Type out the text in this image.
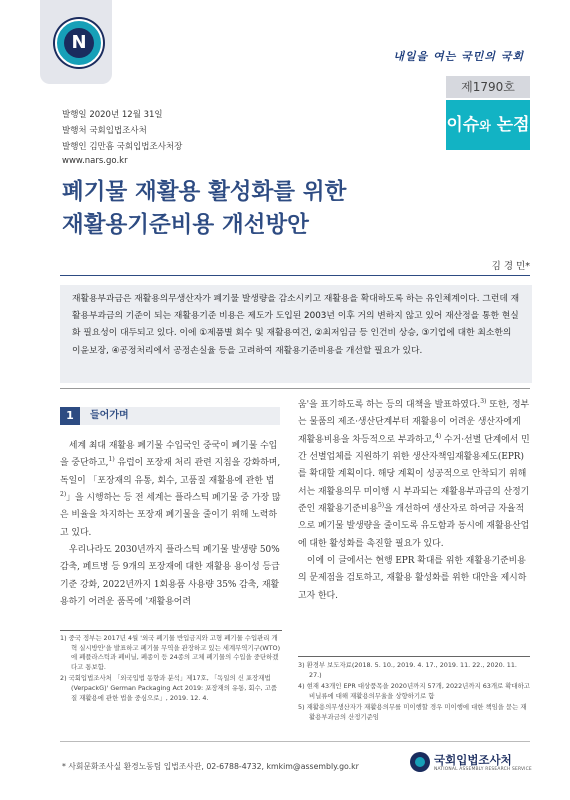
N
내일을 여는 국민의 국회
발행일 2020년 12월 31일
발행처 국회입법조사처
발행인 김만흠 국회입법조사처장
www.nars.go.kr
제1790호
이슈와 논점
폐기물 재활용 활성화를 위한
재활용기준비용 개선방안
김 경 민*

재활용부과금은 재활용의무생산자가 폐기물 발생량을 감소시키고 재활용을 확대하도록 하는 유인체계이다. 그런데 재활용부과금의 기준이 되는 재활용기준 비용은 제도가 도입된 2003년 이후 거의 변하지 않고 있어 재산정을 통한 현실화 필요성이 대두되고 있다. 이에 ①제품별 회수 및 재활용여건, ②최저임금 등 인건비 상승, ③기업에 대한 최소한의 이윤보장, ④공정처리에서 공정손실율 등을 고려하여 재활용기준비용을 개선할 필요가 있다.

1	들어가며

세계 최대 재활용 폐기물 수입국인 중국이 폐기물 수입을 중단하고,$^{1)}$ 유럽이 포장재 처리 관련 지침을 강화하며, 독일이 「포장재의 유통, 회수, 고품질 재활용에 관한 법$^{2)}$」을 시행하는 등 전 세계는 플라스틱 폐기물 중 가장 많은 비율을 차지하는 포장재 폐기물을 줄이기 위해 노력하고 있다.

우리나라도 2030년까지 플라스틱 폐기물 발생량 50% 감축, 페트병 등 9개의 포장재에 대한 재활용 용이성 등급기준 강화, 2022년까지 1회용품 사용량 35% 감축, 재활용하기 어려운 품목에 '재활용어려

움'을 표기하도록 하는 등의 대책을 발표하였다.$^{3)}$ 또한, 정부는 물품의 제조·생산단계부터 재활용이 어려운 생산자에게 재활용비용을 차등적으로 부과하고,$^{4)}$ 수거·선별 단계에서 민간 선별업체를 지원하기 위한 생산자책임재활용제도(EPR)를 확대할 계획이다. 해당 계획이 성공적으로 안착되기 위해서는 재활용의무 미이행 시 부과되는 재활용부과금의 산정기준인 재활용기준비용$^{5)}$을 개선하여 생산자로 하여금 자율적으로 폐기물 발생량을 줄이도록 유도함과 동시에 재활용산업에 대한 활성화를 촉진할 필요가 있다.

이에 이 글에서는 현행 EPR 확대를 위한 재활용기준비용의 문제점을 검토하고, 재활용 활성화를 위한 대안을 제시하고자 한다.

1) 중국 정부는 2017년 4월 '외국 폐기물 반입금지와 고형 폐기물 수입관리 개혁 실시방안'을 발표하고 폐기물 무역을 관장하고 있는 세계무역기구(WTO)에 폐플라스틱과 폐비닐, 폐종이 등 24종의 고체 폐기물의 수입을 중단하겠다고 통보함.

2) 국회입법조사처 「외국입법 동향과 분석」제17호, 「독일의 신 포장재법(VerpackG)' German Packaging Act 2019: 포장재의 유통, 회수, 고품질 재활용에 관한 법을 중심으로」, 2019. 12. 4.

3) 환경부 보도자료(2018. 5. 10., 2019. 4. 17., 2019. 11. 22., 2020. 11. 27.)

4) 현재 43개인 EPR 대상품목을 2020년까지 57개, 2022년까지 63개로 확대하고 비닐류에 대해 재활용의무율을 상향하기로 함

5) 재활용의무생산자가 재활용의무를 미이행할 경우 미이행에 대한 책임을 묻는 재활용부과금의 산정기준임

* 사회문화조사실 환경노동팀 입법조사관, 02-6788-4732, kmkim@assembly.go.kr	국회입법조사처
NATIONAL ASSEMBLY RESEARCH SERVICE
